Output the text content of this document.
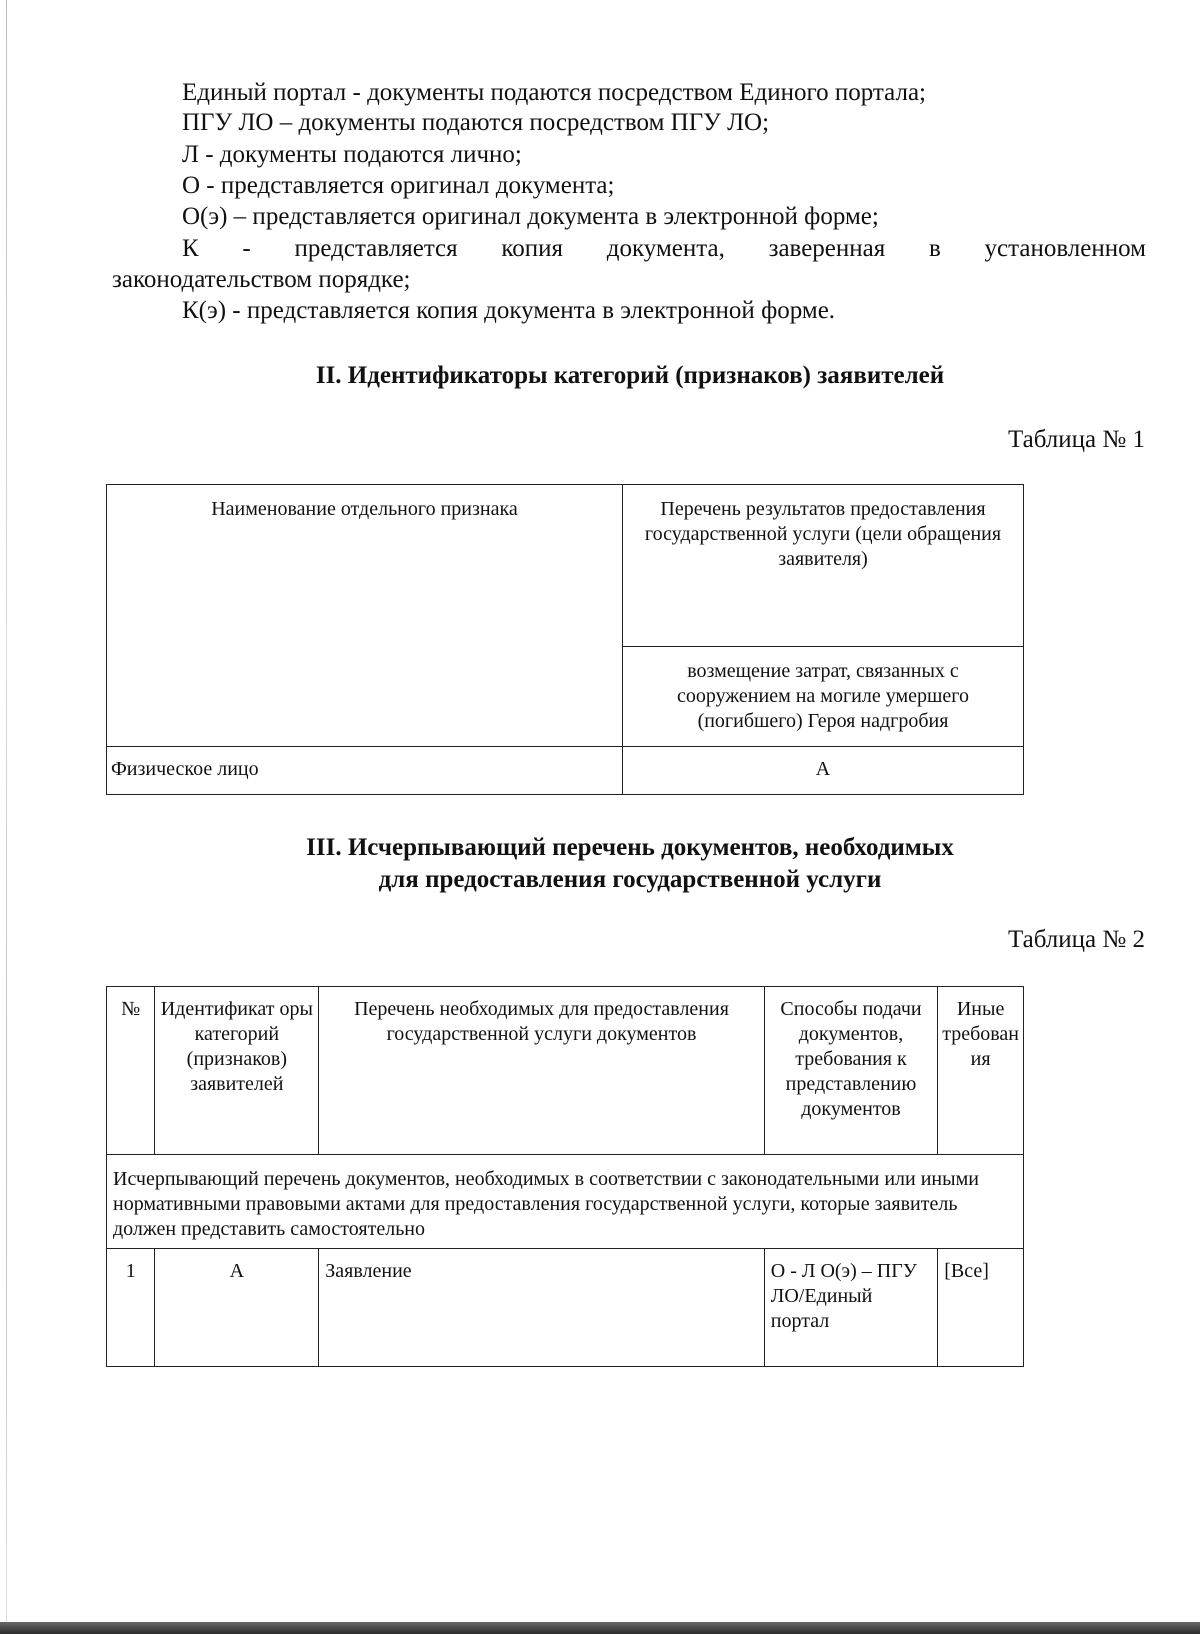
Единый портал - документы подаются посредством Единого портала;
ПГУ ЛО – документы подаются посредством ПГУ ЛО;
Л - документы подаются лично;
О - представляется оригинал документа;
О(э) – представляется оригинал документа в электронной форме;
К - представляется копия документа, заверенная в установленном
законодательством порядке;
К(э) - представляется копия документа в электронной форме.
II. Идентификаторы категорий (признаков) заявителей
Таблица № 1
Наименование отдельного признака	Перечень результатов предоставления государственной услуги (цели обращения заявителя)
	возмещение затрат, связанных с сооружением на могиле умершего (погибшего) Героя надгробия
Физическое лицо	А
III. Исчерпывающий перечень документов, необходимых
для предоставления государственной услуги
Таблица № 2
№	Идентификат оры категорий (признаков) заявителей	Перечень необходимых для предоставления государственной услуги документов	Способы подачи документов, требования к представлению документов	Иные требован ия
Исчерпывающий перечень документов, необходимых в соответствии с законодательными или иными нормативными правовыми актами для предоставления государственной услуги, которые заявитель должен представить самостоятельно				
1	А	Заявление	О - Л О(э) – ПГУ ЛО/Единый портал	[Все]
